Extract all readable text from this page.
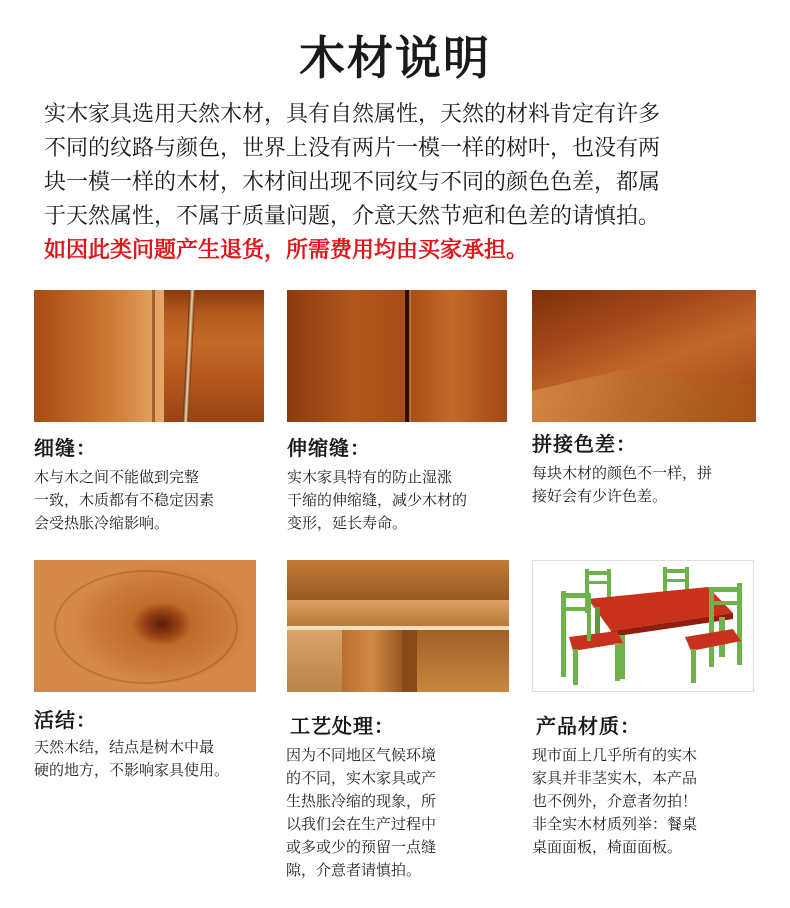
木材说明

实木家具选用天然木材，具有自然属性，天然的材料肯定有许多

不同的纹路与颜色，世界上没有两片一模一样的树叶，也没有两

块一模一样的木材，木材间出现不同纹与不同的颜色色差，都属

于天然属性，不属于质量问题，介意天然节疤和色差的请慎拍。

如因此类问题产生退货，所需费用均由买家承担。

细缝：
木与木之间不能做到完整
一致，木质都有不稳定因素
会受热胀冷缩影响。
伸缩缝：
实木家具特有的防止湿涨
干缩的伸缩缝，减少木材的
变形，延长寿命。
拼接色差：
每块木材的颜色不一样，拼
接好会有少许色差。
活结：
天然木结，结点是树木中最
硬的地方，不影响家具使用。
工艺处理：
因为不同地区气候环境
的不同，实木家具或产
生热胀冷缩的现象，所
以我们会在生产过程中
或多或少的预留一点缝
隙，介意者请慎拍。
产品材质：
现市面上几乎所有的实木
家具并非茎实木，本产品
也不例外，介意者勿拍！
非全实木材质列举：餐桌
桌面面板，椅面面板。
